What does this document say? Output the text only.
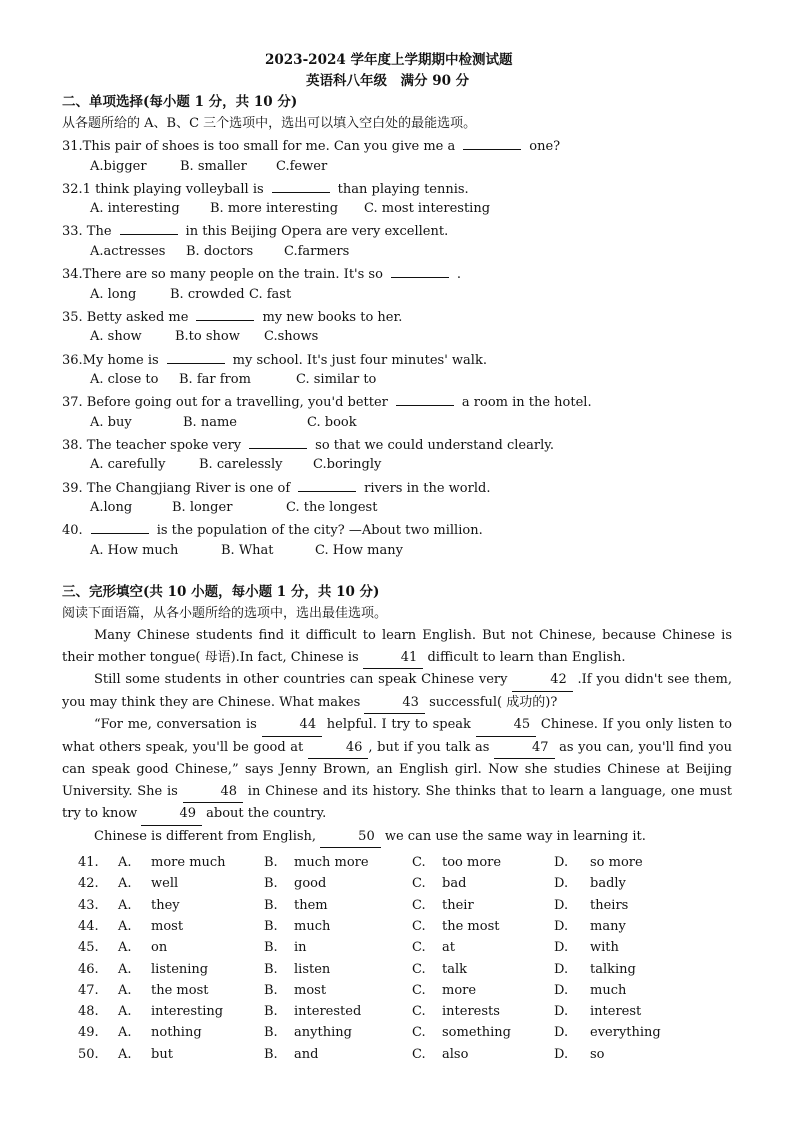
2023-2024 学年度上学期期中检测试题
英语科八年级　满分 90 分
二、单项选择(每小题 1 分，共 10 分)
从各题所给的 A、B、C 三个选项中，选出可以填入空白处的最能选项。
31.This pair of shoes is too small for me. Can you give me a	one?
A.bigger	B. smaller C.fewer
32.1 think playing volleyball is	than playing tennis.
A. interesting B. more interesting C. most interesting
33. The	in this Beijing Opera are very excellent.
A.actresses B. doctors C.farmers
34.There are so many people on the train. It's so	.
A. long	B. crowded C. fast
35. Betty asked me	my new books to her.
A. show	B.to show C.shows
36.My home is	my school. It's just four minutes' walk.
A. close to B. far from	C. similar to
37. Before going out for a travelling, you'd better	a room in the hotel.
A. buy	B. name	C. book
38. The teacher spoke very	so that we could understand clearly.
A. carefully	B. carelessly C.boringly
39. The Changjiang River is one of	rivers in the world.
A.long	B. longer	C. the longest
40.	is the population of the city? —About two million.
A. How much	B. What	C. How many
三、完形填空(共 10 小题，每小题 1 分，共 10 分)
阅读下面语篇，从各小题所给的选项中，选出最佳选项。

Many Chinese students find it difficult to learn English. But not Chinese, because Chinese is their mother tongue( 母语).In fact, Chinese is	41 difficult to learn than English.

Still some students in other countries can speak Chinese very	42 .If you didn't see them, you may think they are Chinese. What makes	43 successful( 成功的)?

“For me, conversation is	44 helpful. I try to speak	45 Chinese. If you only listen to what others speak, you'll be good at	46 , but if you talk as	47 as you can, you'll find you can speak good Chinese,” says Jenny Brown, an English girl. Now she studies Chinese at Beijing University. She is	48 in Chinese and its history. She thinks that to learn a language, one must try to know	49 about the country.

Chinese is different from English,	50 we can use the same way in learning it.

41. A. more much	B. much more	C. too more	D. so more
42. A. well	B. good	C. bad	D. badly
43. A. they	B. them	C. their	D. theirs
44. A. most	B. much	C. the most	D. many
45. A. on	B. in	C. at	D. with
46. A. listening	B. listen	C. talk	D. talking
47. A. the most	B. most	C. more	D. much
48. A. interesting	B. interested	C. interests	D. interest
49. A. nothing	B. anything	C. something	D. everything
50. A. but	B. and	C. also	D. so
